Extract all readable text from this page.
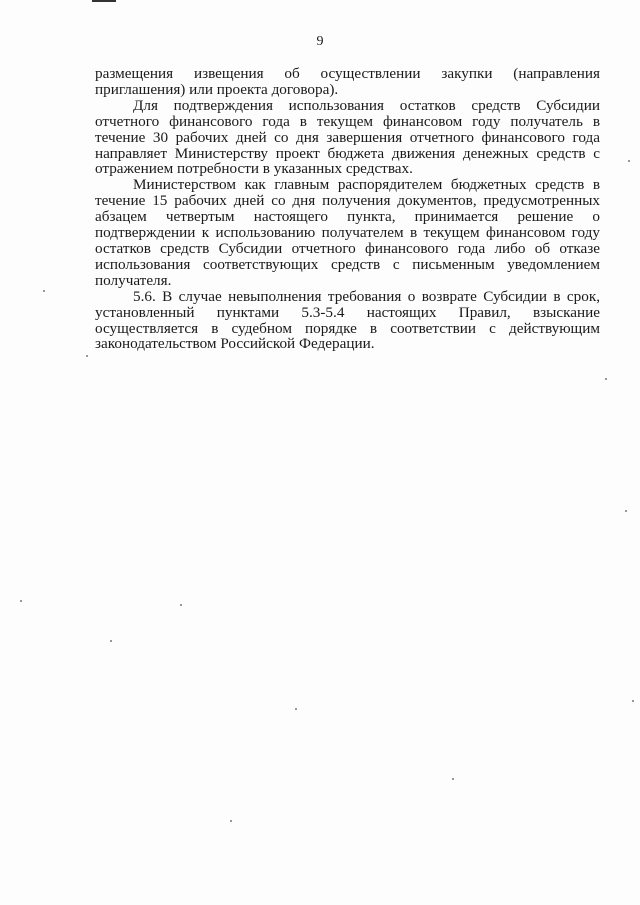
9

размещения извещения об осуществлении закупки (направления приглашения) или проекта договора).

Для подтверждения использования остатков средств Субсидии отчетного финансового года в текущем финансовом году получатель в течение 30 рабочих дней со дня завершения отчетного финансового года направляет Министерству проект бюджета движения денежных средств с отражением потребности в указанных средствах.

Министерством как главным распорядителем бюджетных средств в течение 15 рабочих дней со дня получения документов, предусмотренных абзацем четвертым настоящего пункта, принимается решение о подтверждении к использованию получателем в текущем финансовом году остатков средств Субсидии отчетного финансового года либо об отказе использования соответствующих средств с письменным уведомлением получателя.

5.6. В случае невыполнения требования о возврате Субсидии в срок, установленный пунктами 5.3-5.4 настоящих Правил, взыскание осуществляется в судебном порядке в соответствии с действующим законодательством Российской Федерации.
